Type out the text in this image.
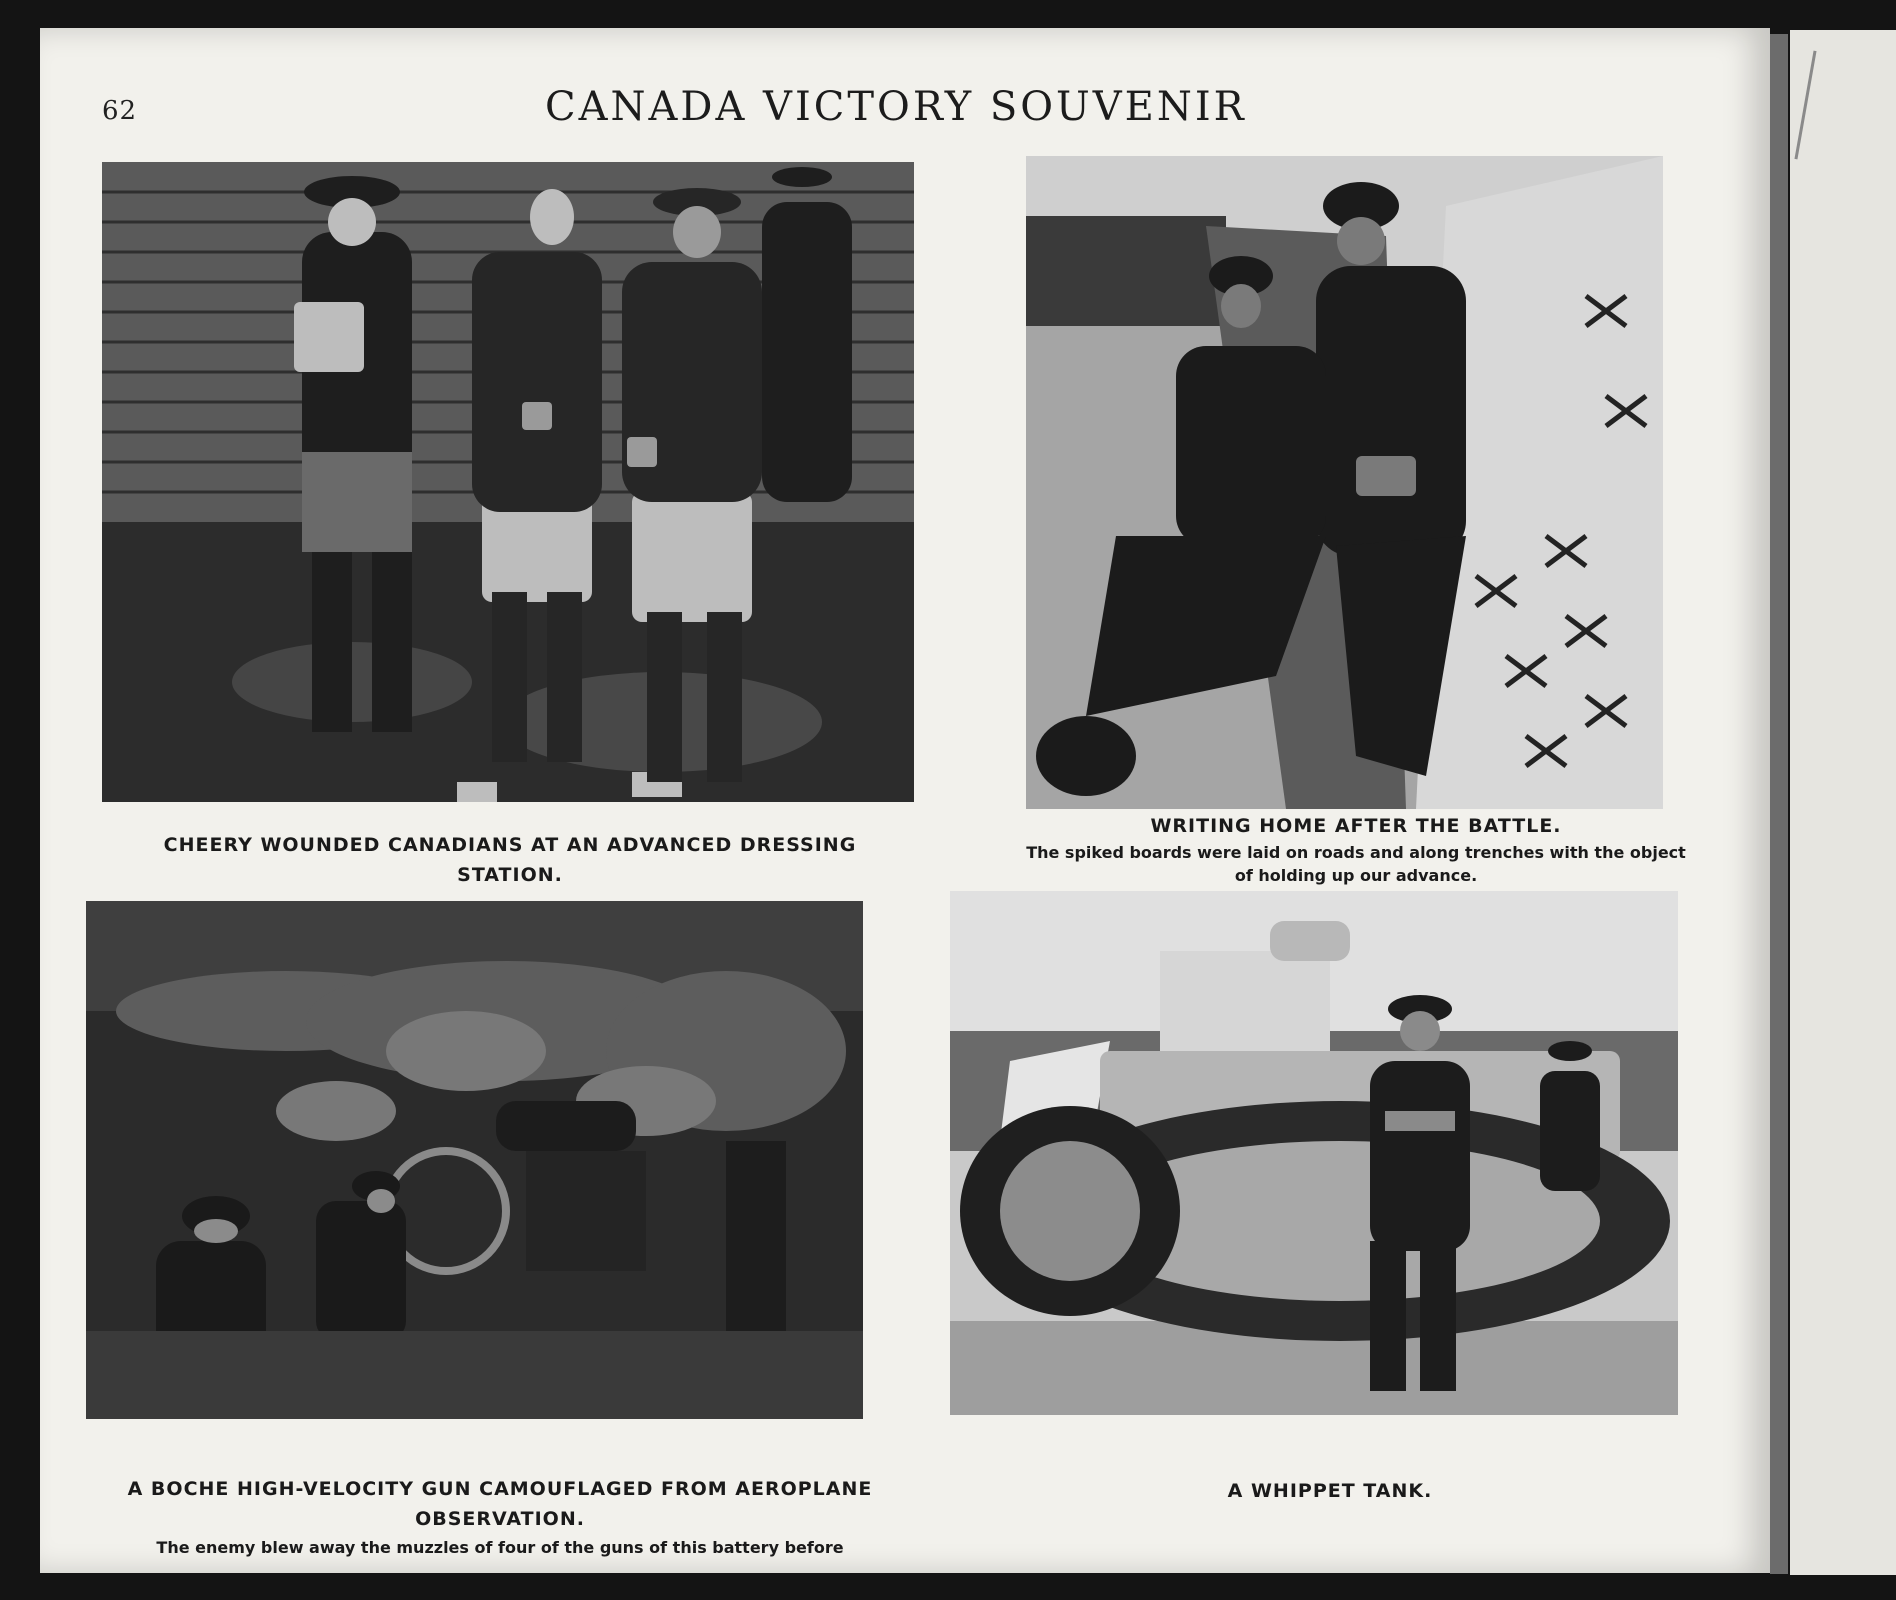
62	CANADA VICTORY SOUVENIR
CHEERY WOUNDED CANADIANS AT AN ADVANCED DRESSING STATION.
WRITING HOME AFTER THE BATTLE.
The spiked boards were laid on roads and along trenches with the object of holding up our advance.
A BOCHE HIGH-VELOCITY GUN CAMOUFLAGED FROM AEROPLANE OBSERVATION.
The enemy blew away the muzzles of four of the guns of this battery before
A WHIPPET TANK.
